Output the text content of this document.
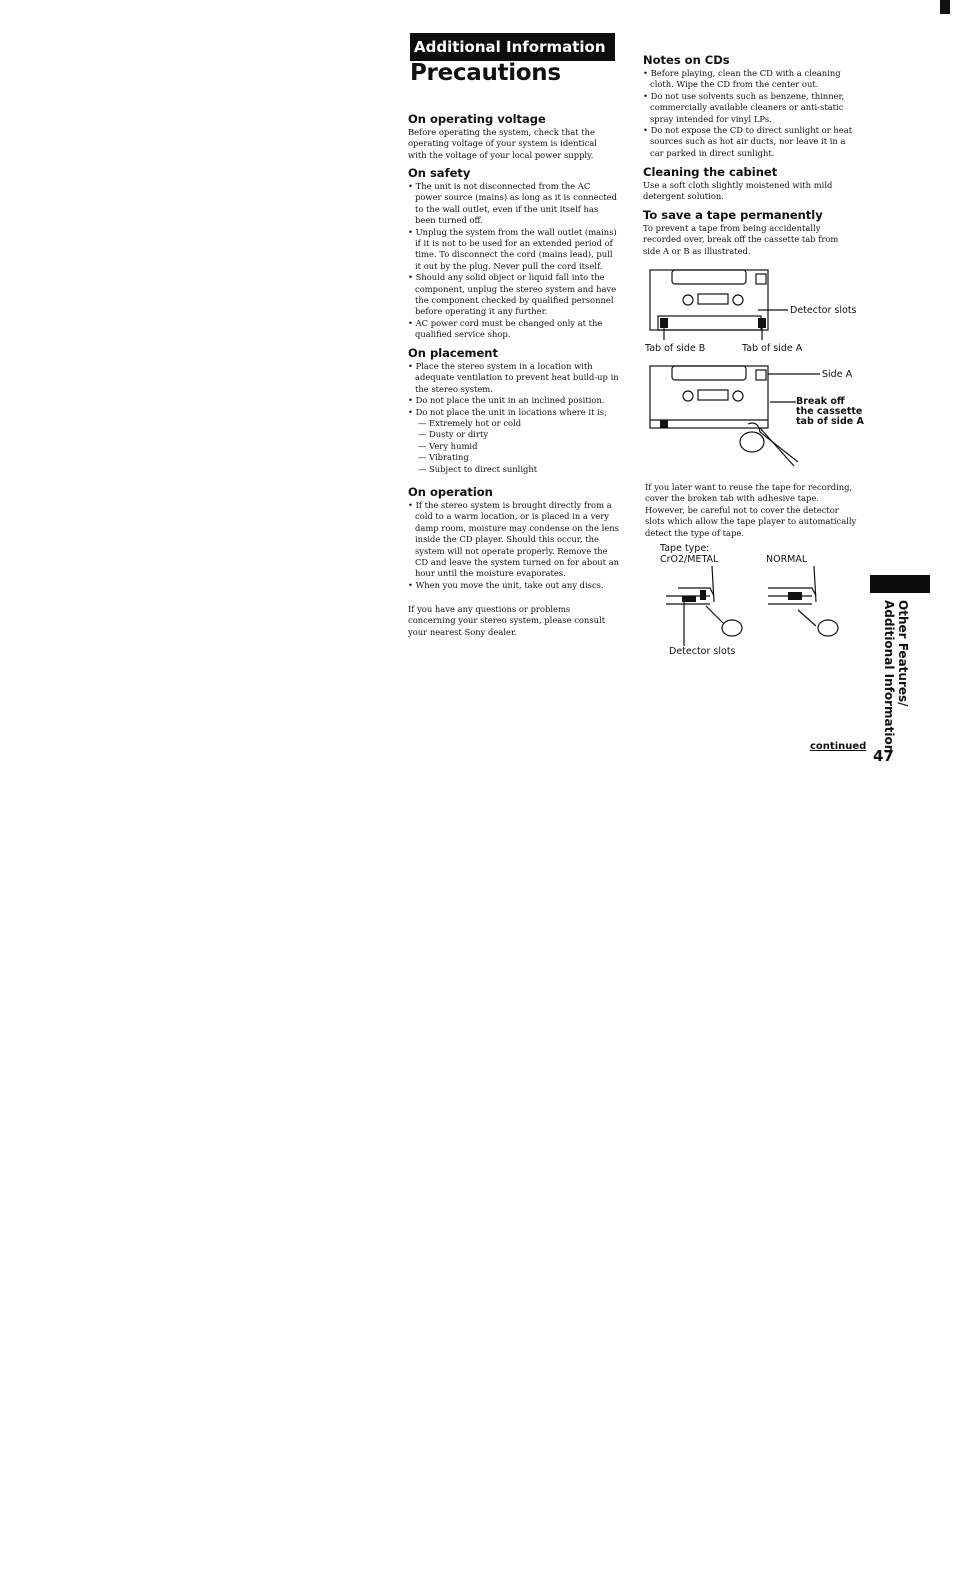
Additional Information
Precautions
On operating voltage
Before operating the system, check that the operating voltage of your system is identical with the voltage of your local power supply.
On safety
• The unit is not disconnected from the AC power source (mains) as long as it is connected to the wall outlet, even if the unit itself has been turned off.
• Unplug the system from the wall outlet (mains) if it is not to be used for an extended period of time. To disconnect the cord (mains lead), pull it out by the plug. Never pull the cord itself.
• Should any solid object or liquid fall into the component, unplug the stereo system and have the component checked by qualified personnel before operating it any further.
• AC power cord must be changed only at the qualified service shop.
On placement
• Place the stereo system in a location with adequate ventilation to prevent heat build-up in the stereo system.
• Do not place the unit in an inclined position.
• Do not place the unit in locations where it is;
— Extremely hot or cold
— Dusty or dirty
— Very humid
— Vibrating
— Subject to direct sunlight
On operation
• If the stereo system is brought directly from a cold to a warm location, or is placed in a very damp room, moisture may condense on the lens inside the CD player. Should this occur, the system will not operate properly. Remove the CD and leave the system turned on for about an hour until the moisture evaporates.
• When you move the unit, take out any discs.
If you have any questions or problems concerning your stereo system, please consult your nearest Sony dealer.
Notes on CDs
• Before playing, clean the CD with a cleaning cloth. Wipe the CD from the center out.
• Do not use solvents such as benzene, thinner, commercially available cleaners or anti-static spray intended for vinyl LPs.
• Do not expose the CD to direct sunlight or heat sources such as hot air ducts, nor leave it in a car parked in direct sunlight.
Cleaning the cabinet
Use a soft cloth slightly moistened with mild detergent solution.
To save a tape permanently
To prevent a tape from being accidentally recorded over, break off the cassette tab from side A or B as illustrated.
Detector slots
Tab of side B	Tab of side A
Side A
Break off the cassette tab of side A
If you later want to reuse the tape for recording, cover the broken tab with adhesive tape. However, be careful not to cover the detector slots which allow the tape player to automatically detect the type of tape.
Tape type:
CrO2/METAL	NORMAL
Detector slots	Other Features/ Additional Information
continued
47
